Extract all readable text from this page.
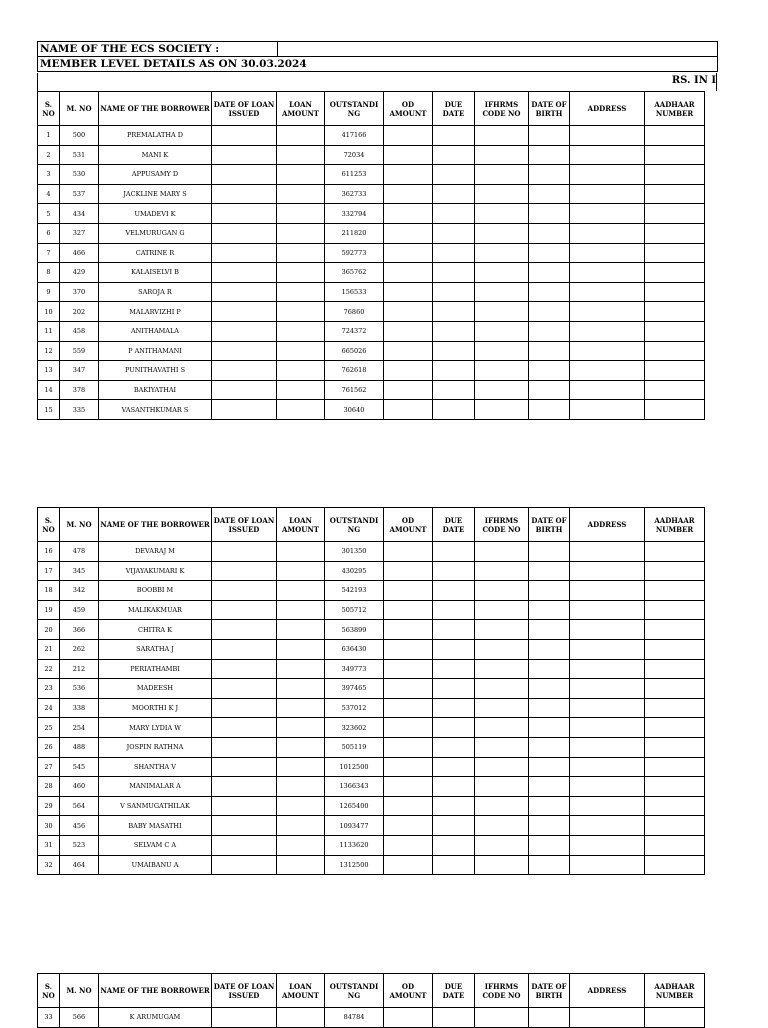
NAME OF THE ECS SOCIETY :	
MEMBER LEVEL DETAILS AS ON 30.03.2024
RS. IN I
S. NO	M. NO	NAME OF THE BORROWER	DATE OF LOAN ISSUED	LOAN AMOUNT	OUTSTANDI NG	OD AMOUNT	DUE DATE	IFHRMS CODE NO	DATE OF BIRTH	ADDRESS	AADHAAR NUMBER
1	500	PREMALATHA D			417166						
2	531	MANI K			72034						
3	530	APPUSAMY D			611253						
4	537	JACKLINE MARY S			362733						
5	434	UMADEVI K			332794						
6	327	VELMURUGAN G			211820						
7	466	CATRINE R			592773						
8	429	KALAISELVI B			365762						
9	370	SAROJA R			156533						
10	202	MALARVIZHI P			76860						
11	458	ANITHAMALA			724372						
12	559	P ANITHAMANI			665026						
13	347	PUNITHAVATHI S			762618						
14	378	BAKIYATHAI			761562						
15	335	VASANTHKUMAR S			30640						
S. NO	M. NO	NAME OF THE BORROWER	DATE OF LOAN ISSUED	LOAN AMOUNT	OUTSTANDI NG	OD AMOUNT	DUE DATE	IFHRMS CODE NO	DATE OF BIRTH	ADDRESS	AADHAAR NUMBER
16	478	DEVARAJ M			301350						
17	345	VIJAYAKUMARI K			430295						
18	342	BOOBBI M			542193						
19	459	MALIKAKMUAR			505712						
20	366	CHITRA K			563899						
21	262	SARATHA J			636430						
22	212	PERIATHAMBI			349773						
23	536	MADEESH			397465						
24	338	MOORTHI K J			537012						
25	254	MARY LYDIA W			323602						
26	488	JOSPIN RATHNA			505119						
27	545	SHANTHA V			1012500						
28	460	MANIMALAR A			1366343						
29	564	V SANMUGATHILAK			1265400						
30	456	BABY MASATHI			1093477						
31	523	SELVAM C A			1133620						
32	464	UMAIBANU A			1312500						
S. NO	M. NO	NAME OF THE BORROWER	DATE OF LOAN ISSUED	LOAN AMOUNT	OUTSTANDI NG	OD AMOUNT	DUE DATE	IFHRMS CODE NO	DATE OF BIRTH	ADDRESS	AADHAAR NUMBER
33	566	K ARUMUGAM			84784						
